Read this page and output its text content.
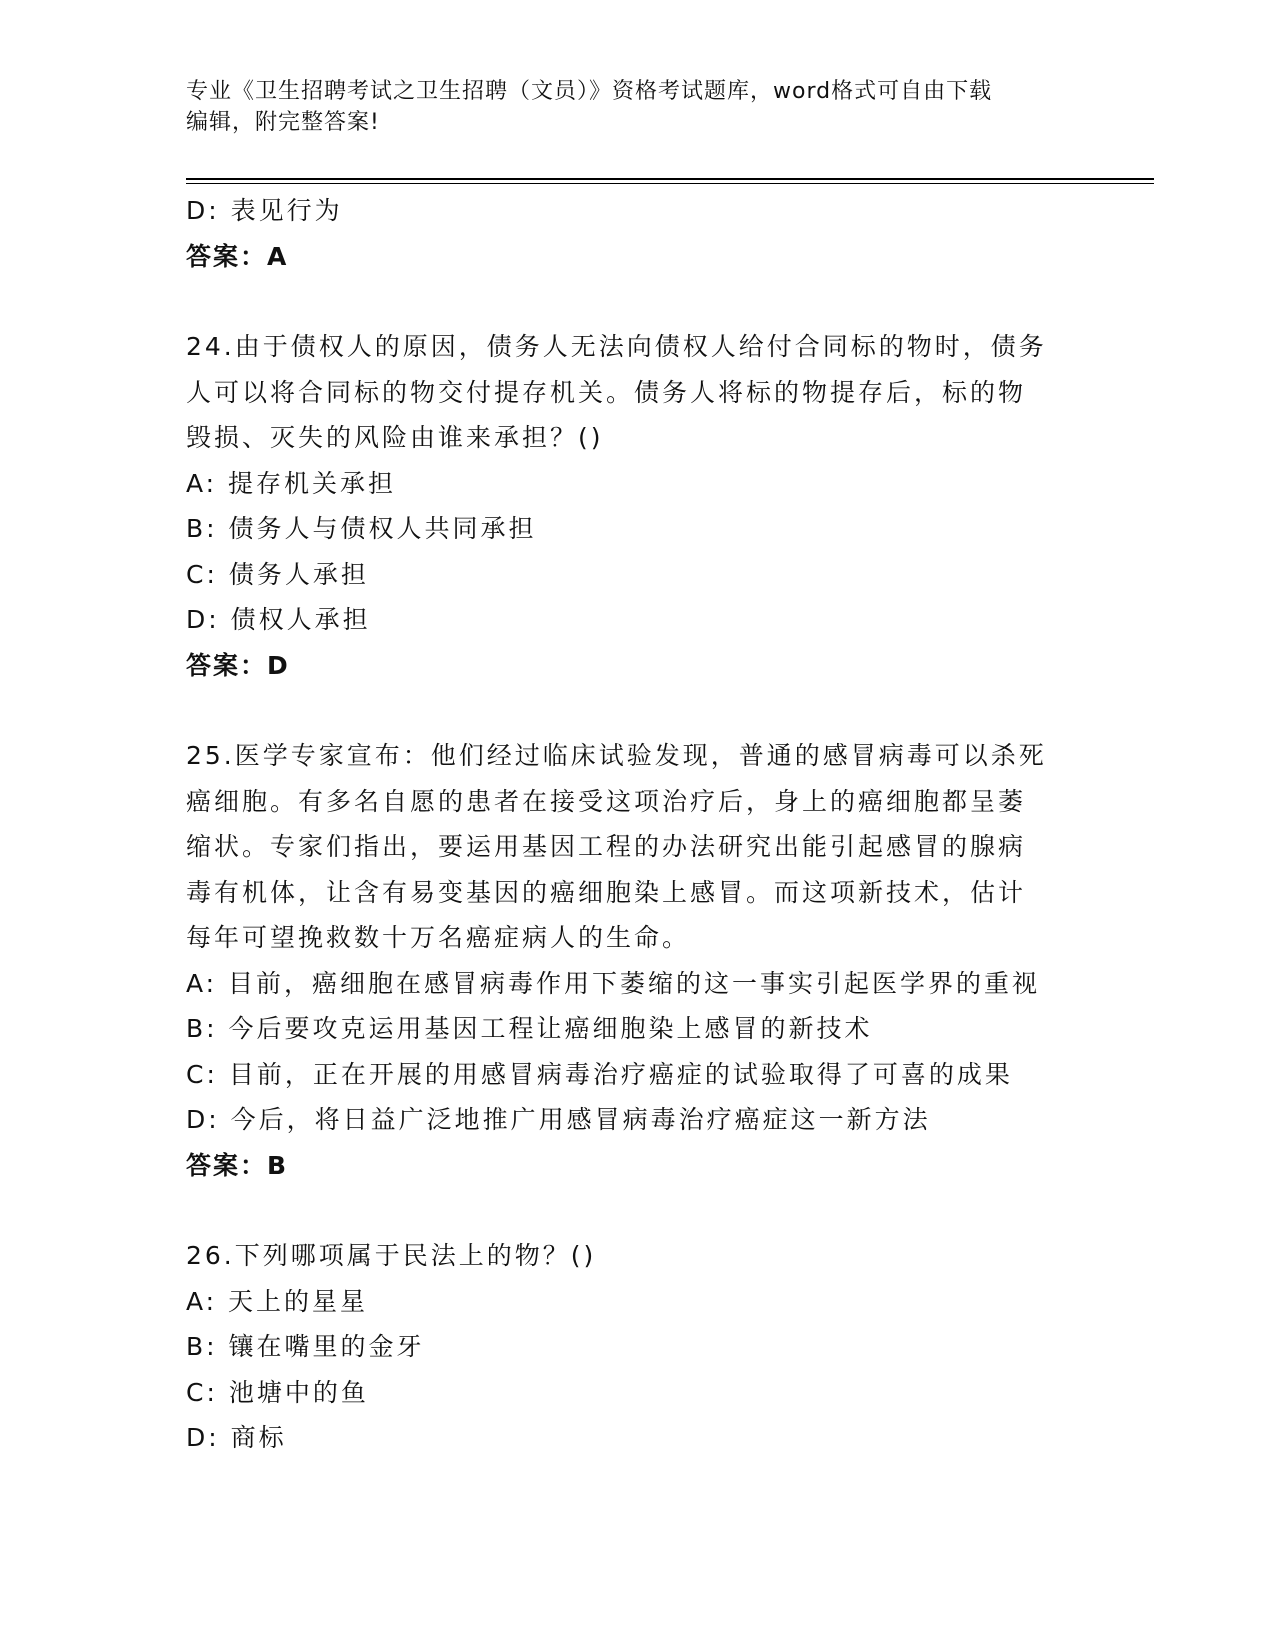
专业《卫生招聘考试之卫生招聘（文员）》资格考试题库，word格式可自由下载
编辑，附完整答案!
D: 表见行为
答案：A
24.由于债权人的原因，债务人无法向债权人给付合同标的物时，债务
人可以将合同标的物交付提存机关。债务人将标的物提存后，标的物
毁损、灭失的风险由谁来承担？()
A: 提存机关承担
B: 债务人与债权人共同承担
C: 债务人承担
D: 债权人承担
答案：D
25.医学专家宣布：他们经过临床试验发现，普通的感冒病毒可以杀死
癌细胞。有多名自愿的患者在接受这项治疗后，身上的癌细胞都呈萎
缩状。专家们指出，要运用基因工程的办法研究出能引起感冒的腺病
毒有机体，让含有易变基因的癌细胞染上感冒。而这项新技术，估计
每年可望挽救数十万名癌症病人的生命。
A: 目前，癌细胞在感冒病毒作用下萎缩的这一事实引起医学界的重视
B: 今后要攻克运用基因工程让癌细胞染上感冒的新技术
C: 目前，正在开展的用感冒病毒治疗癌症的试验取得了可喜的成果
D: 今后，将日益广泛地推广用感冒病毒治疗癌症这一新方法
答案：B
26.下列哪项属于民法上的物？()
A: 天上的星星
B: 镶在嘴里的金牙
C: 池塘中的鱼
D: 商标
